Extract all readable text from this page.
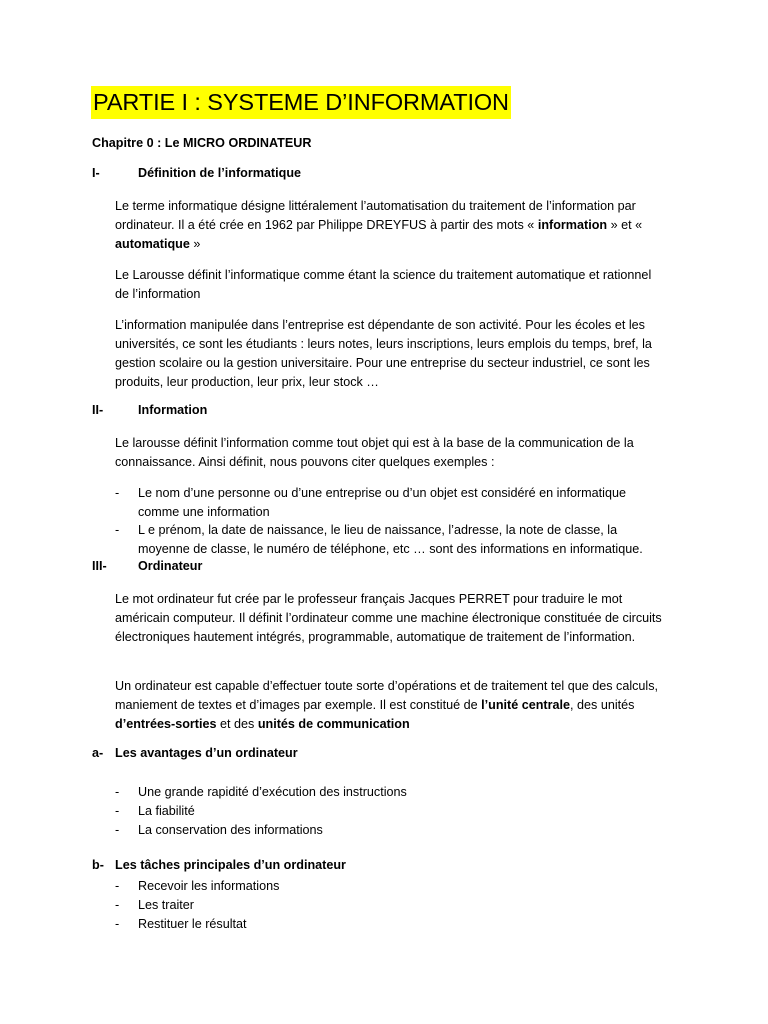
PARTIE I : SYSTEME D’INFORMATION
Chapitre 0 : Le MICRO ORDINATEUR
I-	Définition de l’informatique

Le terme informatique désigne littéralement l’automatisation du traitement de l’information par ordinateur. Il a été crée en 1962 par Philippe DREYFUS à partir des mots « information » et « automatique »

Le Larousse définit l’informatique comme étant la science du traitement automatique et rationnel de l’information
L’information manipulée dans l’entreprise est dépendante de son activité. Pour les écoles et les universités, ce sont les étudiants : leurs notes, leurs inscriptions, leurs emplois du temps, bref, la gestion scolaire ou la gestion universitaire. Pour une entreprise du secteur industriel, ce sont les produits, leur production, leur prix, leur stock …
II-	Information
Le larousse définit l’information comme tout objet qui est à la base de la communication de la connaissance. Ainsi définit, nous pouvons citer quelques exemples :
- Le nom d’une personne ou d’une entreprise ou d’un objet est considéré en informatique comme une information
- L e prénom, la date de naissance, le lieu de naissance, l’adresse, la note de classe, la moyenne de classe, le numéro de téléphone, etc … sont des informations en informatique.
III- Ordinateur
Le mot ordinateur fut crée par le professeur français Jacques PERRET pour traduire le mot américain computeur. Il définit l’ordinateur comme une machine électronique constituée de circuits électroniques hautement intégrés, programmable, automatique de traitement de l’information.

Un ordinateur est capable d’effectuer toute sorte d’opérations et de traitement tel que des calculs, maniement de textes et d’images par exemple. Il est constitué de l’unité centrale, des unités d’entrées-sorties et des unités de communication

a- Les avantages d’un ordinateur
- Une grande rapidité d’exécution des instructions
- La fiabilité
- La conservation des informations
b- Les tâches principales d’un ordinateur
- Recevoir les informations
- Les traiter
- Restituer le résultat
